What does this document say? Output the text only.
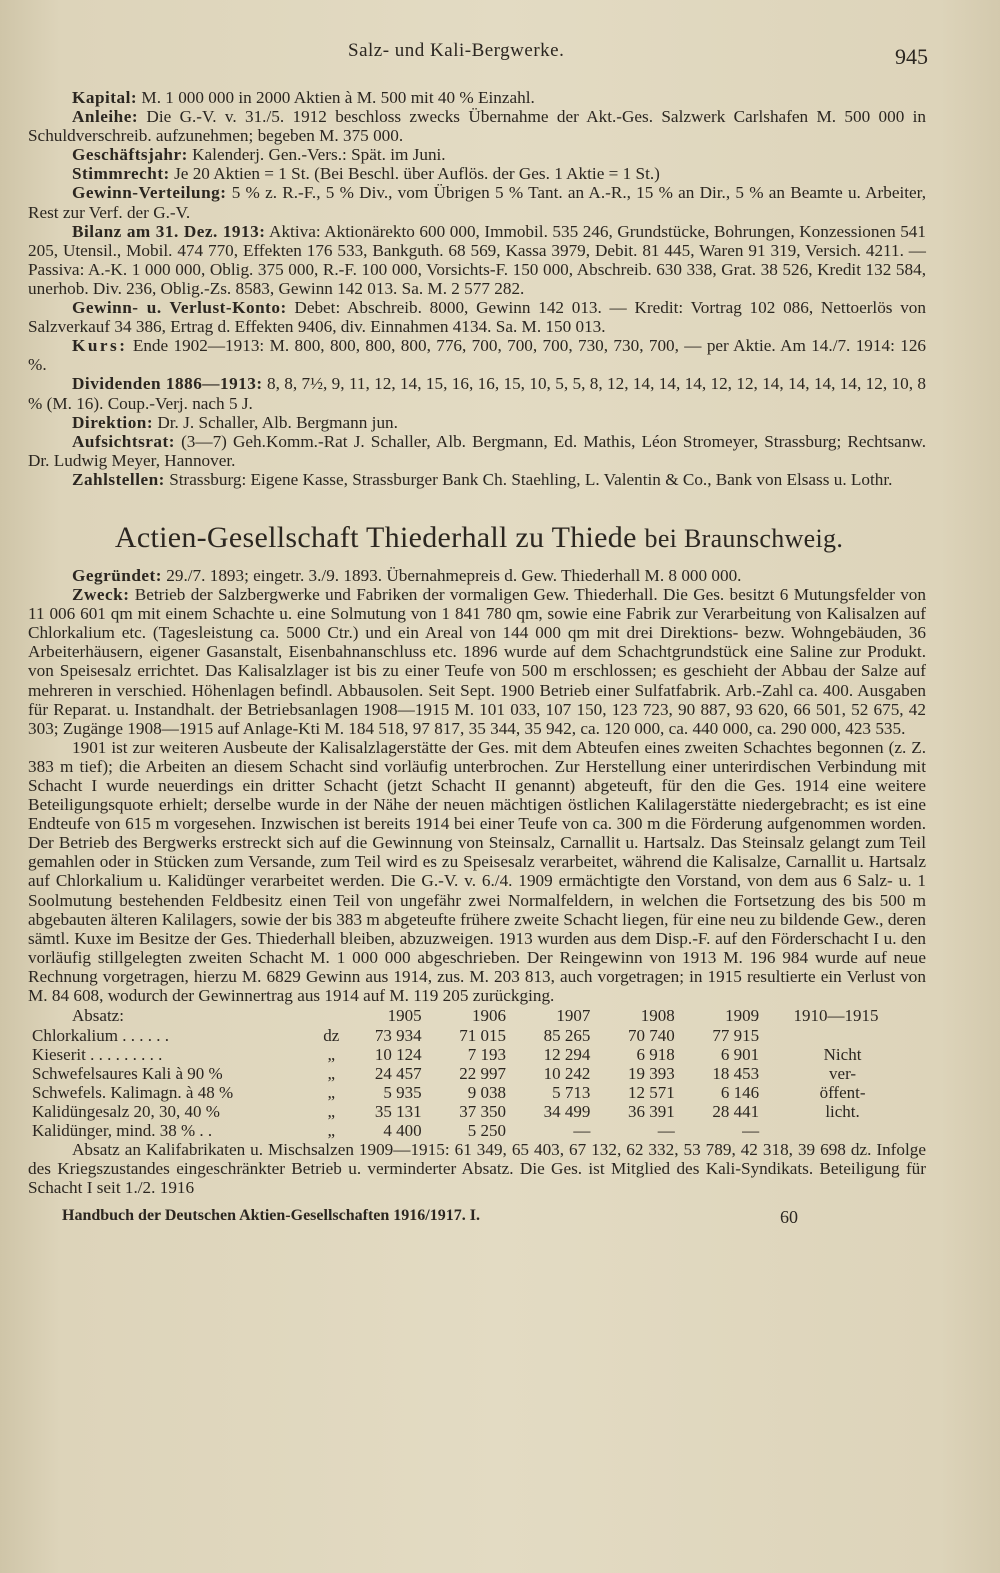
Salz- und Kali-Bergwerke.	945

Kapital: M. 1 000 000 in 2000 Aktien à M. 500 mit 40 % Einzahl.

Anleihe: Die G.-V. v. 31./5. 1912 beschloss zwecks Übernahme der Akt.-Ges. Salzwerk Carlshafen M. 500 000 in Schuldverschreib. aufzunehmen; begeben M. 375 000.

Geschäftsjahr: Kalenderj. Gen.-Vers.: Spät. im Juni.

Stimmrecht: Je 20 Aktien = 1 St. (Bei Beschl. über Auflös. der Ges. 1 Aktie = 1 St.)

Gewinn-Verteilung: 5 % z. R.-F., 5 % Div., vom Übrigen 5 % Tant. an A.-R., 15 % an Dir., 5 % an Beamte u. Arbeiter, Rest zur Verf. der G.-V.

Bilanz am 31. Dez. 1913: Aktiva: Aktionärekto 600 000, Immobil. 535 246, Grundstücke, Bohrungen, Konzessionen 541 205, Utensil., Mobil. 474 770, Effekten 176 533, Bankguth. 68 569, Kassa 3979, Debit. 81 445, Waren 91 319, Versich. 4211. — Passiva: A.-K. 1 000 000, Oblig. 375 000, R.-F. 100 000, Vorsichts-F. 150 000, Abschreib. 630 338, Grat. 38 526, Kredit 132 584, unerhob. Div. 236, Oblig.-Zs. 8583, Gewinn 142 013. Sa. M. 2 577 282.

Gewinn- u. Verlust-Konto: Debet: Abschreib. 8000, Gewinn 142 013. — Kredit: Vortrag 102 086, Nettoerlös von Salzverkauf 34 386, Ertrag d. Effekten 9406, div. Einnahmen 4134. Sa. M. 150 013.

Kurs: Ende 1902—1913: M. 800, 800, 800, 800, 776, 700, 700, 700, 730, 730, 700, — per Aktie. Am 14./7. 1914: 126 %.

Dividenden 1886—1913: 8, 8, 7½, 9, 11, 12, 14, 15, 16, 16, 15, 10, 5, 5, 8, 12, 14, 14, 14, 12, 12, 14, 14, 14, 14, 12, 10, 8 % (M. 16). Coup.-Verj. nach 5 J.

Direktion: Dr. J. Schaller, Alb. Bergmann jun.

Aufsichtsrat: (3—7) Geh.Komm.-Rat J. Schaller, Alb. Bergmann, Ed. Mathis, Léon Stromeyer, Strassburg; Rechtsanw. Dr. Ludwig Meyer, Hannover.

Zahlstellen: Strassburg: Eigene Kasse, Strassburger Bank Ch. Staehling, L. Valentin & Co., Bank von Elsass u. Lothr.

Actien-Gesellschaft Thiederhall zu Thiede bei Braunschweig.

Gegründet: 29./7. 1893; eingetr. 3./9. 1893. Übernahmepreis d. Gew. Thiederhall M. 8 000 000.

Zweck: Betrieb der Salzbergwerke und Fabriken der vormaligen Gew. Thiederhall. Die Ges. besitzt 6 Mutungsfelder von 11 006 601 qm mit einem Schachte u. eine Solmutung von 1 841 780 qm, sowie eine Fabrik zur Verarbeitung von Kalisalzen auf Chlorkalium etc. (Tagesleistung ca. 5000 Ctr.) und ein Areal von 144 000 qm mit drei Direktions- bezw. Wohngebäuden, 36 Arbeiterhäusern, eigener Gasanstalt, Eisenbahnanschluss etc. 1896 wurde auf dem Schachtgrundstück eine Saline zur Produkt. von Speisesalz errichtet. Das Kalisalzlager ist bis zu einer Teufe von 500 m erschlossen; es geschieht der Abbau der Salze auf mehreren in verschied. Höhenlagen befindl. Abbausolen. Seit Sept. 1900 Betrieb einer Sulfatfabrik. Arb.-Zahl ca. 400. Ausgaben für Reparat. u. Instandhalt. der Betriebsanlagen 1908—1915 M. 101 033, 107 150, 123 723, 90 887, 93 620, 66 501, 52 675, 42 303; Zugänge 1908—1915 auf Anlage-Kti M. 184 518, 97 817, 35 344, 35 942, ca. 120 000, ca. 440 000, ca. 290 000, 423 535.

1901 ist zur weiteren Ausbeute der Kalisalzlagerstätte der Ges. mit dem Abteufen eines zweiten Schachtes begonnen (z. Z. 383 m tief); die Arbeiten an diesem Schacht sind vorläufig unterbrochen. Zur Herstellung einer unterirdischen Verbindung mit Schacht I wurde neuerdings ein dritter Schacht (jetzt Schacht II genannt) abgeteuft, für den die Ges. 1914 eine weitere Beteiligungsquote erhielt; derselbe wurde in der Nähe der neuen mächtigen östlichen Kalilagerstätte niedergebracht; es ist eine Endteufe von 615 m vorgesehen. Inzwischen ist bereits 1914 bei einer Teufe von ca. 300 m die Förderung aufgenommen worden. Der Betrieb des Bergwerks erstreckt sich auf die Gewinnung von Steinsalz, Carnallit u. Hartsalz. Das Steinsalz gelangt zum Teil gemahlen oder in Stücken zum Versande, zum Teil wird es zu Speisesalz verarbeitet, während die Kalisalze, Carnallit u. Hartsalz auf Chlorkalium u. Kalidünger verarbeitet werden. Die G.-V. v. 6./4. 1909 ermächtigte den Vorstand, von dem aus 6 Salz- u. 1 Soolmutung bestehenden Feldbesitz einen Teil von ungefähr zwei Normalfeldern, in welchen die Fortsetzung des bis 500 m abgebauten älteren Kalilagers, sowie der bis 383 m abgeteufte frühere zweite Schacht liegen, für eine neu zu bildende Gew., deren sämtl. Kuxe im Besitze der Ges. Thiederhall bleiben, abzuzweigen. 1913 wurden aus dem Disp.-F. auf den Förderschacht I u. den vorläufig stillgelegten zweiten Schacht M. 1 000 000 abgeschrieben. Der Reingewinn von 1913 M. 196 984 wurde auf neue Rechnung vorgetragen, hierzu M. 6829 Gewinn aus 1914, zus. M. 203 813, auch vorgetragen; in 1915 resultierte ein Verlust von M. 84 608, wodurch der Gewinnertrag aus 1914 auf M. 119 205 zurückging.

Absatz:		1905	1906	1907	1908	1909	1910—1915
Chlorkalium . . . . . .	dz	73 934	71 015	85 265	70 740	77 915	
Kieserit . . . . . . . . .	„	10 124	7 193	12 294	6 918	6 901	Nicht
Schwefelsaures Kali à 90 %	„	24 457	22 997	10 242	19 393	18 453	ver-
Schwefels. Kalimagn. à 48 %	„	5 935	9 038	5 713	12 571	6 146	öffent-
Kalidüngesalz 20, 30, 40 %	„	35 131	37 350	34 499	36 391	28 441	licht.
Kalidünger, mind. 38 % . .	„	4 400	5 250	—	—	—	

Absatz an Kalifabrikaten u. Mischsalzen 1909—1915: 61 349, 65 403, 67 132, 62 332, 53 789, 42 318, 39 698 dz. Infolge des Kriegszustandes eingeschränkter Betrieb u. verminderter Absatz. Die Ges. ist Mitglied des Kali-Syndikats. Beteiligung für Schacht I seit 1./2. 1916

Handbuch der Deutschen Aktien-Gesellschaften 1916/1917. I.	60
